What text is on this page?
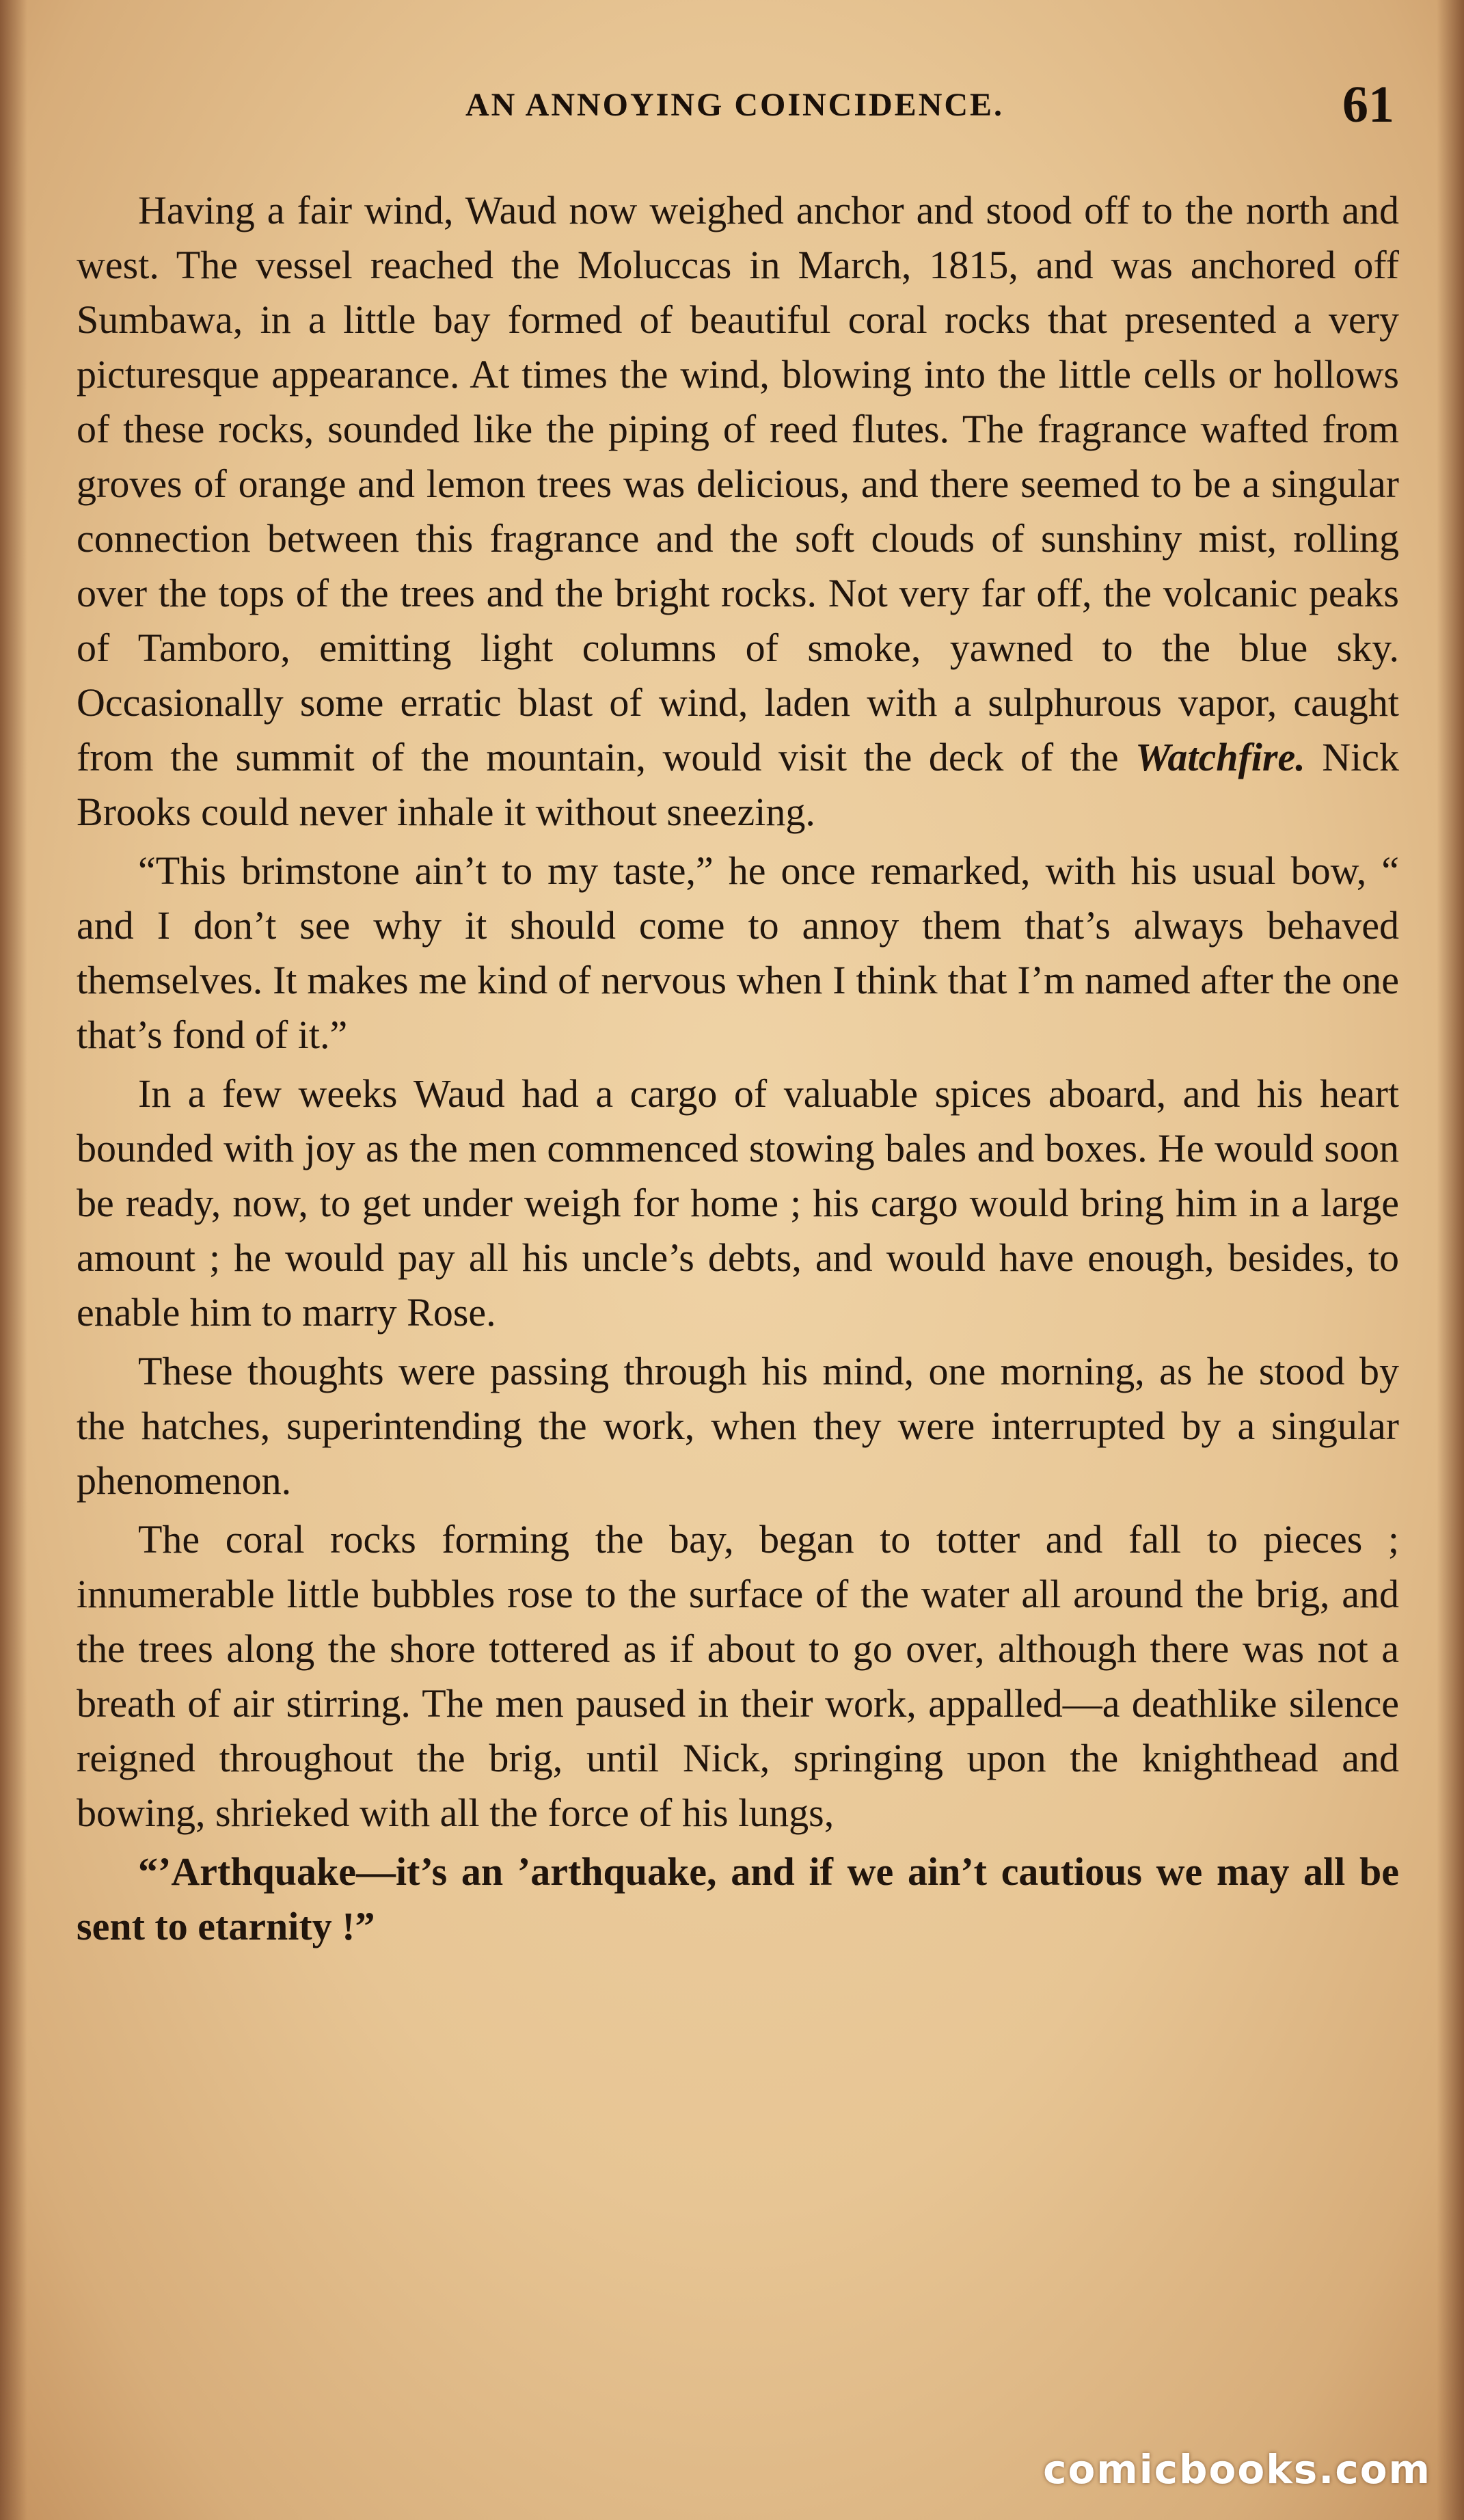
AN ANNOYING COINCIDENCE.	61

Having a fair wind, Waud now weighed anchor and stood off to the north and west. The vessel reached the Moluccas in March, 1815, and was anchored off Sumbawa, in a little bay formed of beautiful coral rocks that presented a very picturesque appearance. At times the wind, blowing into the little cells or hollows of these rocks, sounded like the piping of reed flutes. The fragrance wafted from groves of orange and lemon trees was delicious, and there seemed to be a singular connection between this fragrance and the soft clouds of sunshiny mist, rolling over the tops of the trees and the bright rocks. Not very far off, the volcanic peaks of Tamboro, emitting light columns of smoke, yawned to the blue sky. Occasionally some erratic blast of wind, laden with a sulphurous vapor, caught from the summit of the mountain, would visit the deck of the Watchfire. Nick Brooks could never inhale it without sneezing.

“This brimstone ain’t to my taste,” he once remarked, with his usual bow, “ and I don’t see why it should come to annoy them that’s always behaved themselves. It makes me kind of nervous when I think that I’m named after the one that’s fond of it.”

In a few weeks Waud had a cargo of valuable spices aboard, and his heart bounded with joy as the men commenced stowing bales and boxes. He would soon be ready, now, to get under weigh for home ; his cargo would bring him in a large amount ; he would pay all his uncle’s debts, and would have enough, besides, to enable him to marry Rose.

These thoughts were passing through his mind, one morning, as he stood by the hatches, superintending the work, when they were interrupted by a singular phenomenon.

The coral rocks forming the bay, began to totter and fall to pieces ; innumerable little bubbles rose to the surface of the water all around the brig, and the trees along the shore tottered as if about to go over, although there was not a breath of air stirring. The men paused in their work, appalled—a deathlike silence reigned throughout the brig, until Nick, springing upon the knighthead and bowing, shrieked with all the force of his lungs,

“’Arthquake—it’s an ’arthquake, and if we ain’t cautious we may all be sent to etarnity !”

comicbooks.com
